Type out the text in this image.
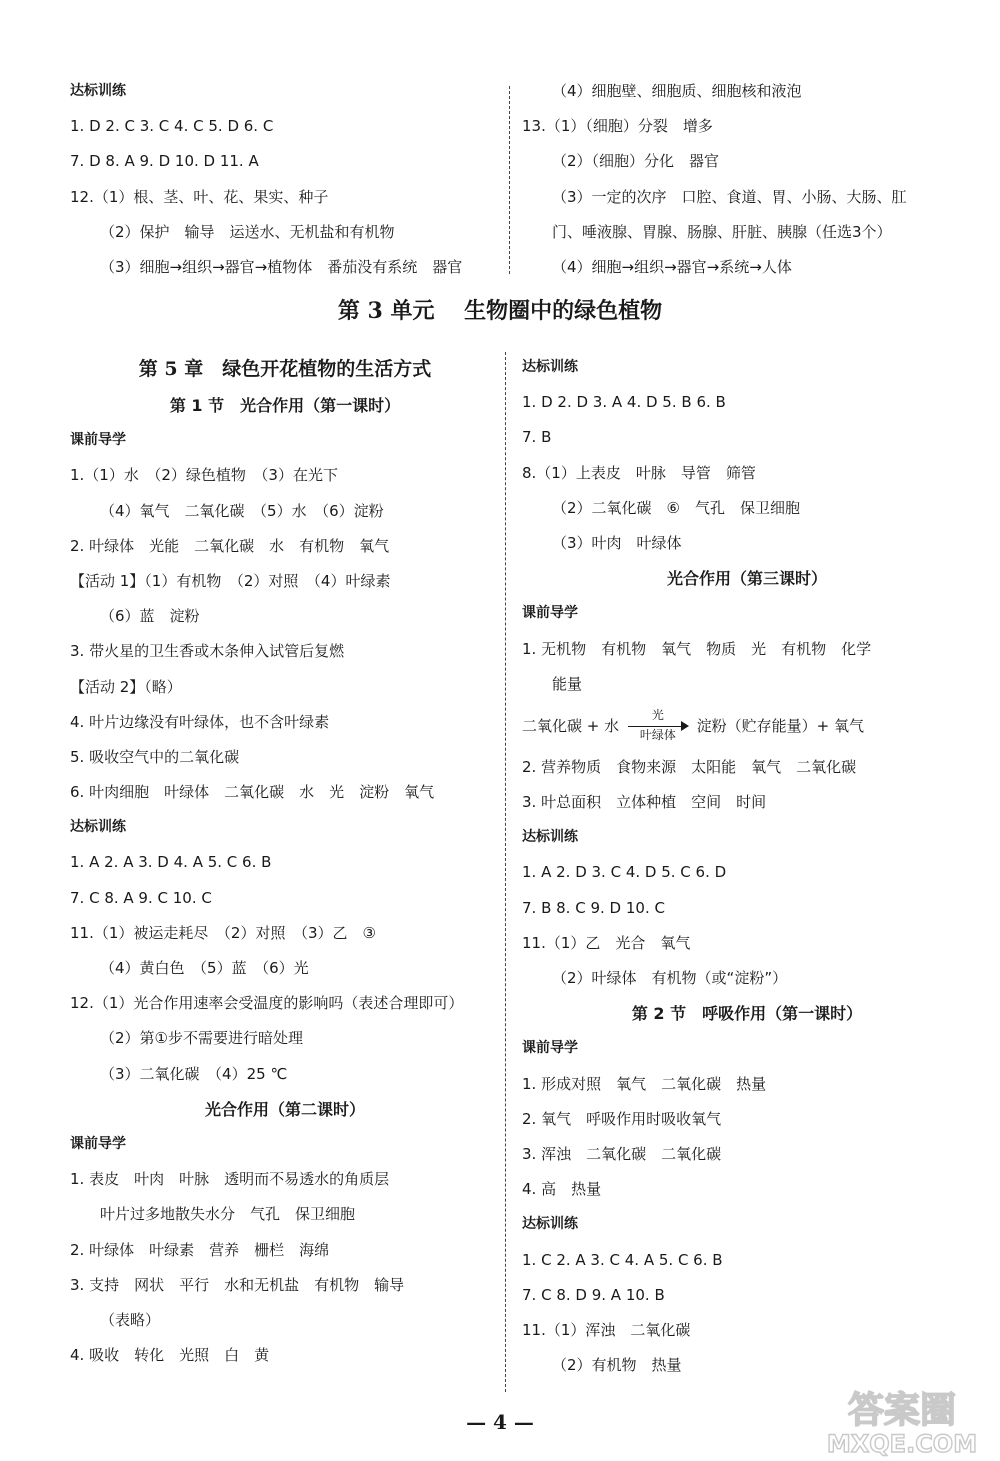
达标训练
1. D 2. C 3. C 4. C 5. D 6. C
7. D 8. A 9. D 10. D 11. A
12.（1）根、茎、叶、花、果实、种子
（2）保护　输导　运送水、无机盐和有机物
（3）细胞→组织→器官→植物体　番茄没有系统　器官
（4）细胞壁、细胞质、细胞核和液泡
13.（1）（细胞）分裂　增多
（2）（细胞）分化　器官
（3）一定的次序　口腔、食道、胃、小肠、大肠、肛
门、唾液腺、胃腺、肠腺、肝脏、胰腺（任选3个）
（4）细胞→组织→器官→系统→人体
第 3 单元　 生物圈中的绿色植物
第 5 章　绿色开花植物的生活方式
第 1 节　光合作用（第一课时）
课前导学
1.（1）水　（2）绿色植物　（3）在光下
（4）氧气　二氧化碳　（5）水　（6）淀粉
2. 叶绿体　光能　二氧化碳　水　有机物　氧气
【活动 1】（1）有机物　（2）对照　（4）叶绿素
（6）蓝　淀粉
3. 带火星的卫生香或木条伸入试管后复燃
【活动 2】（略）
4. 叶片边缘没有叶绿体，也不含叶绿素
5. 吸收空气中的二氧化碳
6. 叶肉细胞　叶绿体　二氧化碳　水　光　淀粉　氧气
达标训练
1. A 2. A 3. D 4. A 5. C 6. B
7. C 8. A 9. C 10. C
11.（1）被运走耗尽　（2）对照　（3）乙　③
（4）黄白色　（5）蓝　（6）光
12.（1）光合作用速率会受温度的影响吗（表述合理即可）
（2）第①步不需要进行暗处理
（3）二氧化碳　（4）25 ℃
光合作用（第二课时）
课前导学
1. 表皮　叶肉　叶脉　透明而不易透水的角质层
叶片过多地散失水分　气孔　保卫细胞
2. 叶绿体　叶绿素　营养　栅栏　海绵
3. 支持　网状　平行　水和无机盐　有机物　输导
（表略）
4. 吸收　转化　光照　白　黄
达标训练
1. D 2. D 3. A 4. D 5. B 6. B
7. B
8.（1）上表皮　叶脉　导管　筛管
（2）二氧化碳　⑥　气孔　保卫细胞
（3）叶肉　叶绿体
光合作用（第三课时）
课前导学
1. 无机物　有机物　氧气　物质　光　有机物　化学
能量
二氧化碳 + 水
光
叶绿体
淀粉（贮存能量）+ 氧气
2. 营养物质　食物来源　太阳能　氧气　二氧化碳
3. 叶总面积　立体种植　空间　时间
达标训练
1. A 2. D 3. C 4. D 5. C 6. D
7. B 8. C 9. D 10. C
11.（1）乙　光合　氧气
（2）叶绿体　有机物（或“淀粉”）
第 2 节　呼吸作用（第一课时）
课前导学
1. 形成对照　氧气　二氧化碳　热量
2. 氧气　呼吸作用时吸收氧气
3. 浑浊　二氧化碳　二氧化碳
4. 高　热量
达标训练
1. C 2. A 3. C 4. A 5. C 6. B
7. C 8. D 9. A 10. B
11.（1）浑浊　二氧化碳
（2）有机物　热量
— 4 —	答案圈
MXQE.COM
